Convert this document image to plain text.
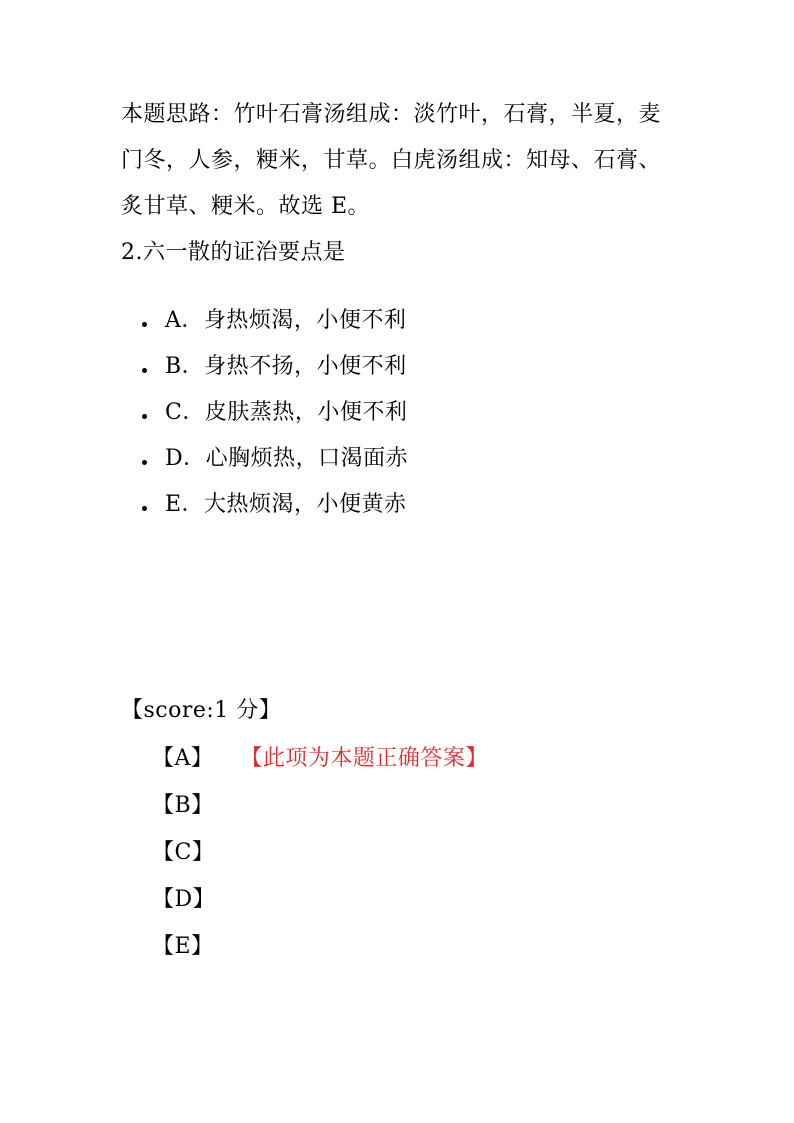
本题思路：竹叶石膏汤组成：淡竹叶，石膏，半夏，麦门冬，人参，粳米，甘草。白虎汤组成：知母、石膏、炙甘草、粳米。故选 E。
2.六一散的证治要点是
A．身热烦渴，小便不利
B．身热不扬，小便不利
C．皮肤蒸热，小便不利
D．心胸烦热，口渴面赤
E．大热烦渴，小便黄赤
【score:1 分】
【A】 【此项为本题正确答案】
【B】
【C】
【D】
【E】
